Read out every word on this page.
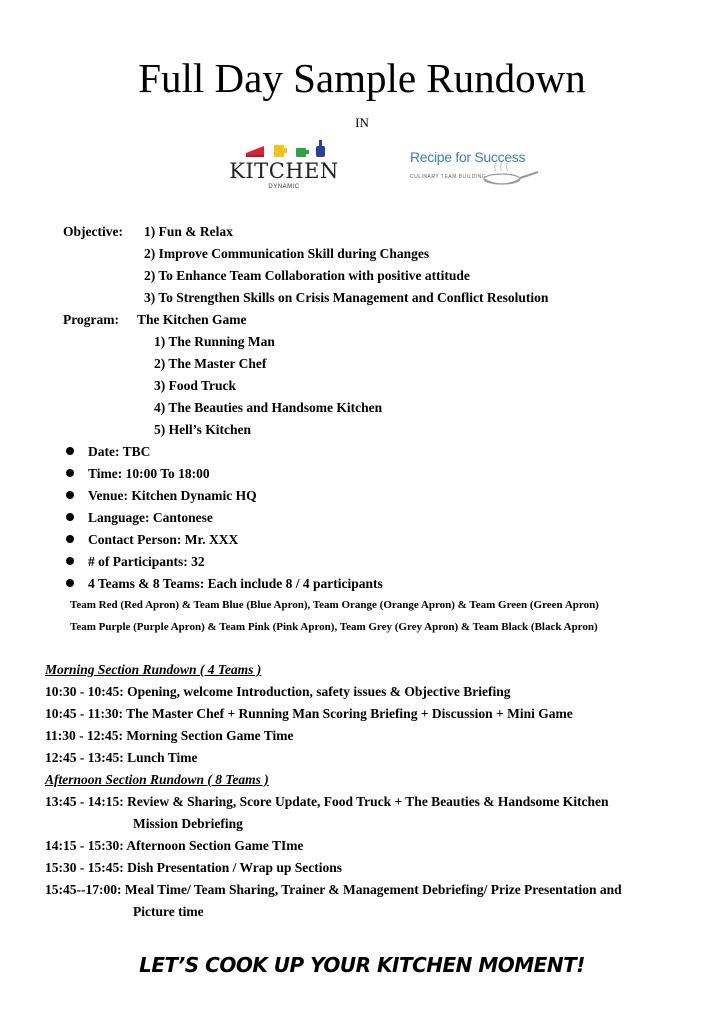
Full Day Sample Rundown
IN
KITCHEN
DYNAMIC
Recipe for Success
CULINARY TEAM BUILDING
Objective: 1) Fun & Relax
2) Improve Communication Skill during Changes
2) To Enhance Team Collaboration with positive attitude
3) To Strengthen Skills on Crisis Management and Conflict Resolution
Program: The Kitchen Game
1) The Running Man
2) The Master Chef
3) Food Truck
4) The Beauties and Handsome Kitchen
5) Hell’s Kitchen
Date: TBC
Time: 10:00 To 18:00
Venue: Kitchen Dynamic HQ
Language: Cantonese
Contact Person: Mr. XXX
# of Participants: 32
4 Teams & 8 Teams: Each include 8 / 4 participants
Team Red (Red Apron) & Team Blue (Blue Apron), Team Orange (Orange Apron) & Team Green (Green Apron)
Team Purple (Purple Apron) & Team Pink (Pink Apron), Team Grey (Grey Apron) & Team Black (Black Apron)
Morning Section Rundown ( 4 Teams )
10:30 - 10:45: Opening, welcome Introduction, safety issues & Objective Briefing
10:45 - 11:30: The Master Chef + Running Man Scoring Briefing + Discussion + Mini Game
11:30 - 12:45: Morning Section Game Time
12:45 - 13:45: Lunch Time
Afternoon Section Rundown ( 8 Teams )
13:45 - 14:15: Review & Sharing, Score Update, Food Truck + The Beauties & Handsome Kitchen
Mission Debriefing
14:15 - 15:30: Afternoon Section Game TIme
15:30 - 15:45: Dish Presentation / Wrap up Sections
15:45--17:00: Meal Time/ Team Sharing, Trainer & Management Debriefing/ Prize Presentation and
Picture time
LET’S COOK UP YOUR KITCHEN MOMENT!
